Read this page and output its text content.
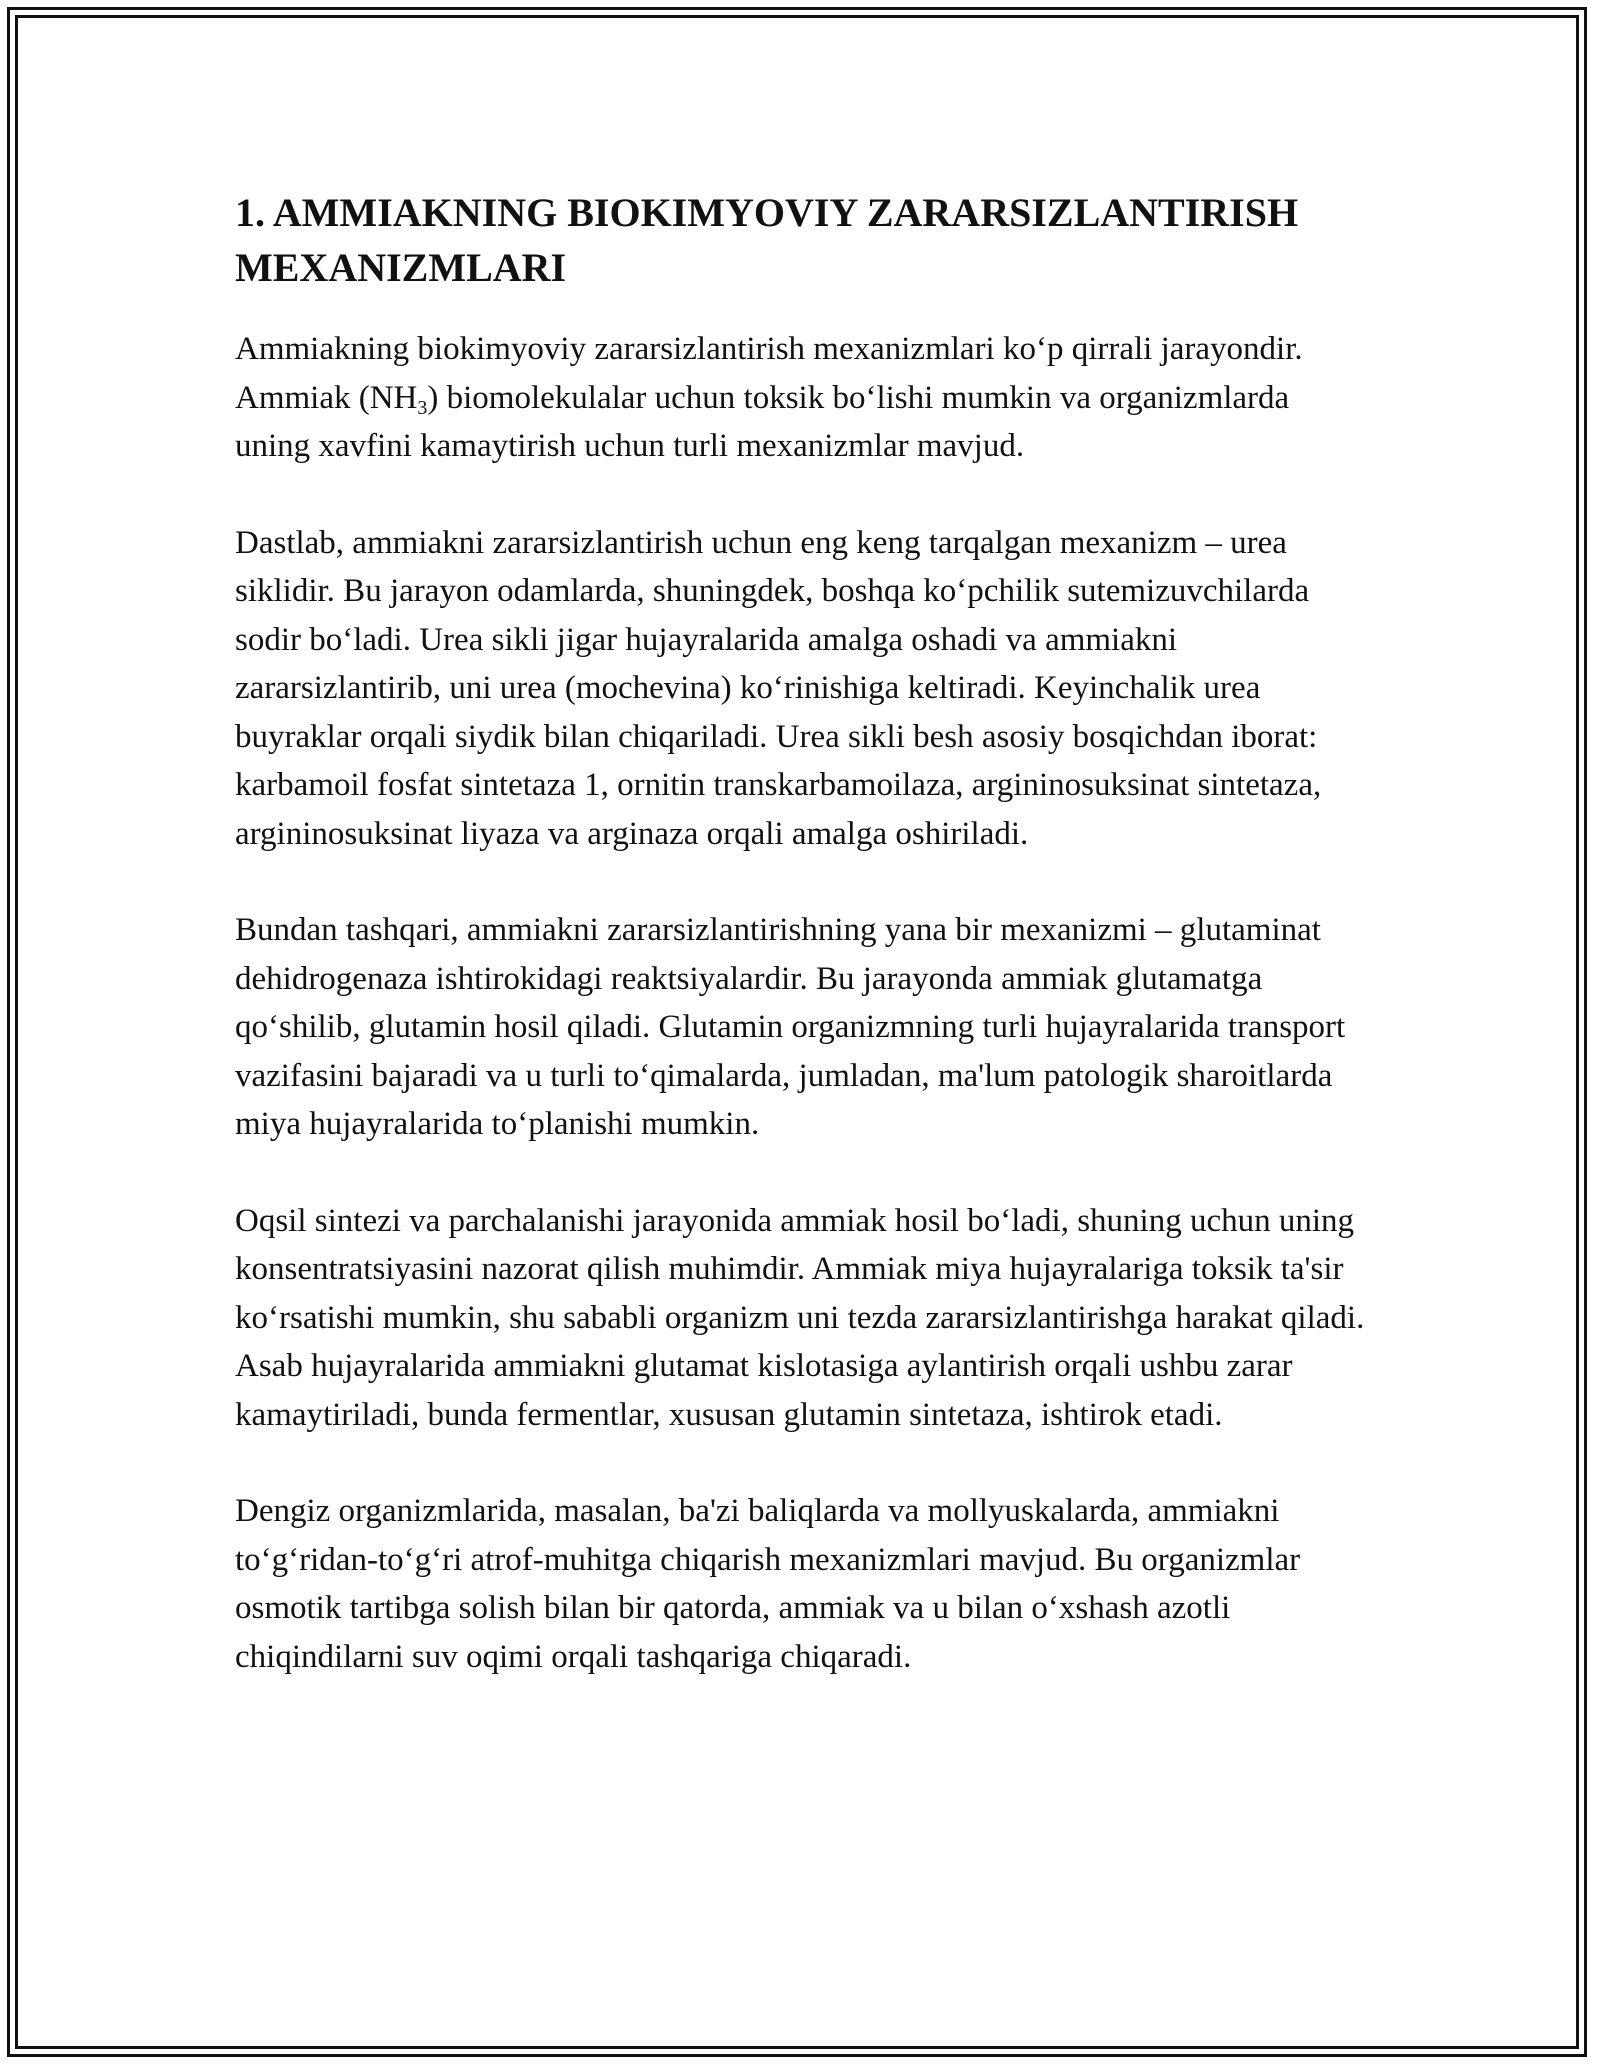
1. AMMIAKNING BIOKIMYOVIY ZARARSIZLANTIRISH MEXANIZMLARI

Ammiakning biokimyoviy zararsizlantirish mexanizmlari ko‘p qirrali jarayondir. Ammiak $(NH_3)$ biomolekulalar uchun toksik bo‘lishi mumkin va organizmlarda uning xavfini kamaytirish uchun turli mexanizmlar mavjud.

Dastlab, ammiakni zararsizlantirish uchun eng keng tarqalgan mexanizm – urea siklidir. Bu jarayon odamlarda, shuningdek, boshqa ko‘pchilik sutemizuvchilarda sodir bo‘ladi. Urea sikli jigar hujayralarida amalga oshadi va ammiakni zararsizlantirib, uni urea (mochevina) ko‘rinishiga keltiradi. Keyinchalik urea buyraklar orqali siydik bilan chiqariladi. Urea sikli besh asosiy bosqichdan iborat: karbamoil fosfat sintetaza 1, ornitin transkarbamoilaza, argininosuksinat sintetaza, argininosuksinat liyaza va arginaza orqali amalga oshiriladi.

Bundan tashqari, ammiakni zararsizlantirishning yana bir mexanizmi – glutaminat dehidrogenaza ishtirokidagi reaktsiyalardir. Bu jarayonda ammiak glutamatga qo‘shilib, glutamin hosil qiladi. Glutamin organizmning turli hujayralarida transport vazifasini bajaradi va u turli to‘qimalarda, jumladan, ma'lum patologik sharoitlarda miya hujayralarida to‘planishi mumkin.

Oqsil sintezi va parchalanishi jarayonida ammiak hosil bo‘ladi, shuning uchun uning konsentratsiyasini nazorat qilish muhimdir. Ammiak miya hujayralariga toksik ta'sir ko‘rsatishi mumkin, shu sababli organizm uni tezda zararsizlantirishga harakat qiladi. Asab hujayralarida ammiakni glutamat kislotasiga aylantirish orqali ushbu zarar kamaytiriladi, bunda fermentlar, xususan glutamin sintetaza, ishtirok etadi.

Dengiz organizmlarida, masalan, ba'zi baliqlarda va mollyuskalarda, ammiakni to‘g‘ridan-to‘g‘ri atrof-muhitga chiqarish mexanizmlari mavjud. Bu organizmlar osmotik tartibga solish bilan bir qatorda, ammiak va u bilan o‘xshash azotli chiqindilarni suv oqimi orqali tashqariga chiqaradi.
